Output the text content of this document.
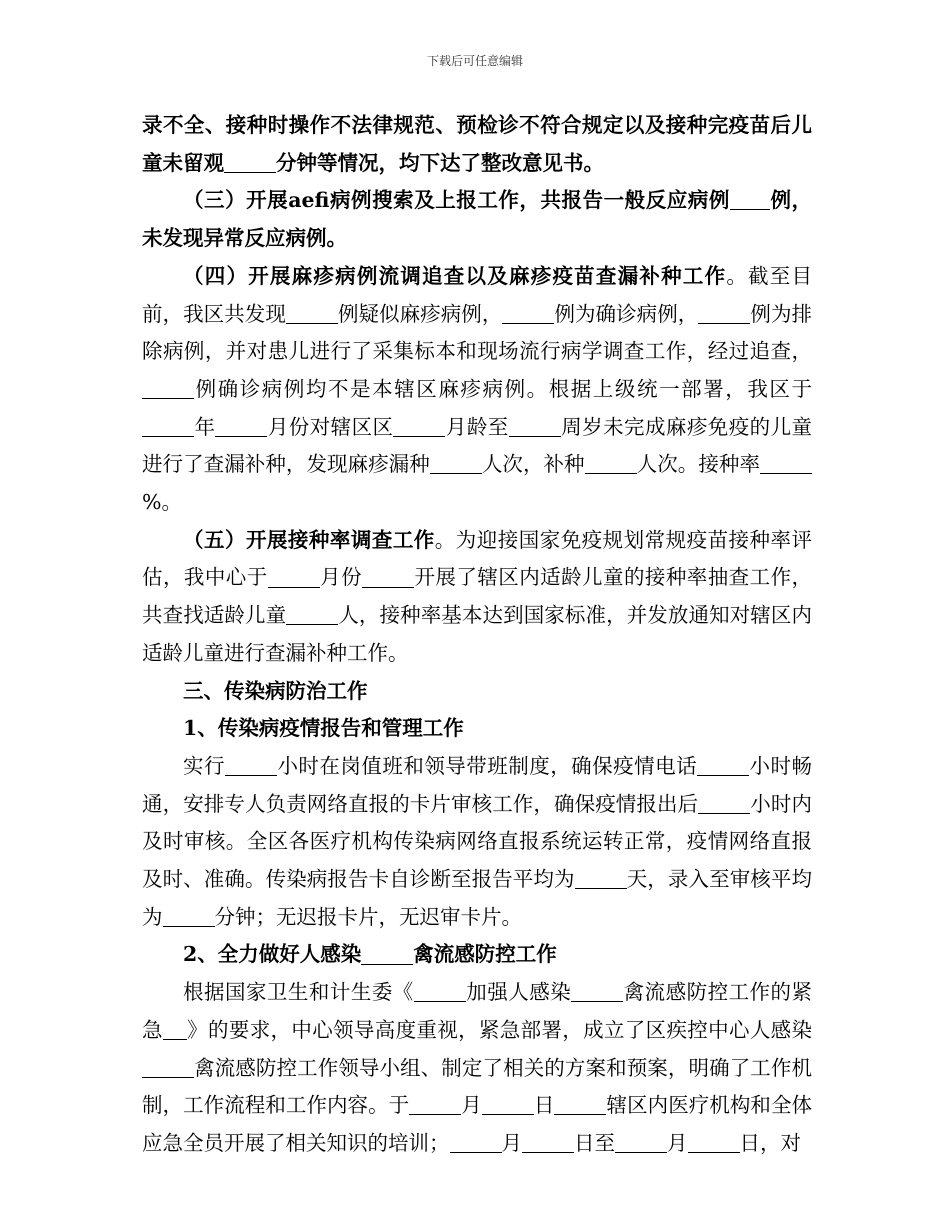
下载后可任意编辑

录不全、接种时操作不法律规范、预检诊不符合规定以及接种完疫苗后儿童未留观	分钟等情况，均下达了整改意见书。

（三）开展aefi病例搜索及上报工作，共报告一般反应病例 例，未发现异常反应病例。

（四）开展麻疹病例流调追查以及麻疹疫苗查漏补种工作。截至目前，我区共发现	例疑似麻疹病例，	例为确诊病例，	例为排除病例，并对患儿进行了采集标本和现场流行病学调查工作，经过追查，例确诊病例均不是本辖区麻疹病例。根据上级统一部署，我区于年	月份对辖区区	月龄至	周岁未完成麻疹免疫的儿童进行了查漏补种，发现麻疹漏种	人次，补种	人次。接种率%。

（五）开展接种率调查工作。为迎接国家免疫规划常规疫苗接种率评估，我中心于	月份	开展了辖区内适龄儿童的接种率抽查工作，共查找适龄儿童	人，接种率基本达到国家标准，并发放通知对辖区内适龄儿童进行查漏补种工作。

三、传染病防治工作

1、传染病疫情报告和管理工作

实行	小时在岗值班和领导带班制度，确保疫情电话	小时畅通，安排专人负责网络直报的卡片审核工作，确保疫情报出后	小时内及时审核。全区各医疗机构传染病网络直报系统运转正常，疫情网络直报及时、准确。传染病报告卡自诊断至报告平均为	天，录入至审核平均为	分钟；无迟报卡片，无迟审卡片。

2、全力做好人感染	禽流感防控工作

根据国家卫生和计生委《	加强人感染	禽流感防控工作的紧急 》的要求，中心领导高度重视，紧急部署，成立了区疾控中心人感染禽流感防控工作领导小组、制定了相关的方案和预案，明确了工作机制，工作流程和工作内容。于	月	日	辖区内医疗机构和全体应急全员开展了相关知识的培训；	月	日至	月	日，对
